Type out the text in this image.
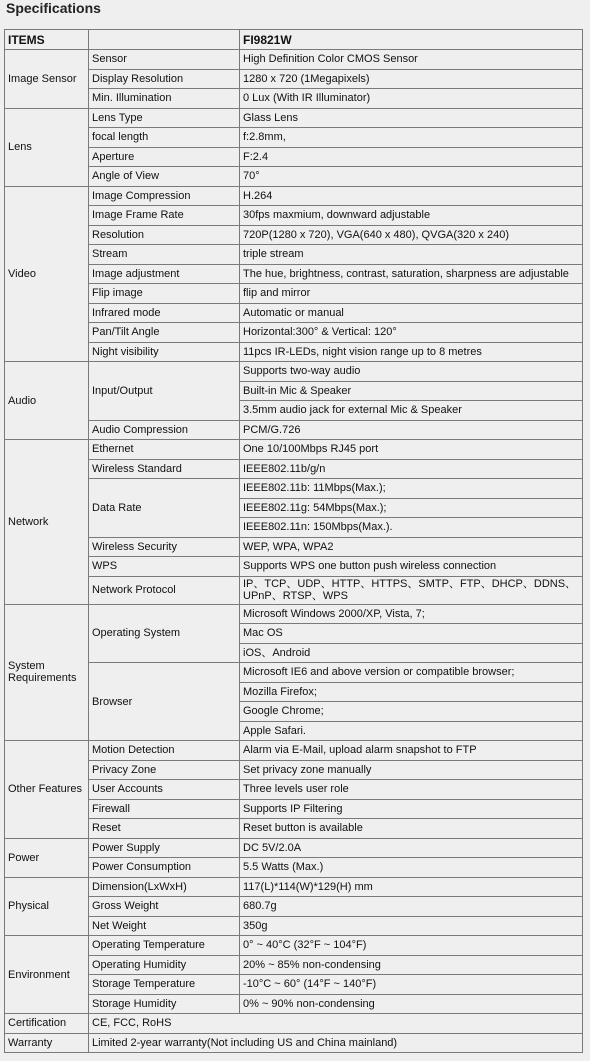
Specifications
ITEMS		FI9821W
Image Sensor	Sensor	High Definition Color CMOS Sensor
	Display Resolution	1280 x 720 (1Megapixels)
	Min. Illumination	0 Lux (With IR Illuminator)
Lens	Lens Type	Glass Lens
	focal length	f:2.8mm,
	Aperture	F:2.4
	Angle of View	70°
Video	Image Compression	H.264
	Image Frame Rate	30fps maxmium, downward adjustable
	Resolution	720P(1280 x 720), VGA(640 x 480), QVGA(320 x 240)
	Stream	triple stream
	Image adjustment	The hue, brightness, contrast, saturation, sharpness are adjustable
	Flip image	flip and mirror
	Infrared mode	Automatic or manual
	Pan/Tilt Angle	Horizontal:300° & Vertical: 120°
	Night visibility	11pcs IR-LEDs, night vision range up to 8 metres
Audio	Input/Output	Supports two-way audio
		Built-in Mic & Speaker
		3.5mm audio jack for external Mic & Speaker
	Audio Compression	PCM/G.726
Network	Ethernet	One 10/100Mbps RJ45 port
	Wireless Standard	IEEE802.11b/g/n
	Data Rate	IEEE802.11b: 11Mbps(Max.);
		IEEE802.11g: 54Mbps(Max.);
		IEEE802.11n: 150Mbps(Max.).
	Wireless Security	WEP, WPA, WPA2
	WPS	Supports WPS one button push wireless connection
	Network Protocol	IP、TCP、UDP、HTTP、HTTPS、SMTP、FTP、DHCP、DDNS、UPnP、RTSP、WPS
System Requirements	Operating System	Microsoft Windows 2000/XP, Vista, 7;
		Mac OS
		iOS、Android
	Browser	Microsoft IE6 and above version or compatible browser;
		Mozilla Firefox;
		Google Chrome;
		Apple Safari.
Other Features	Motion Detection	Alarm via E-Mail, upload alarm snapshot to FTP
	Privacy Zone	Set privacy zone manually
	User Accounts	Three levels user role
	Firewall	Supports IP Filtering
	Reset	Reset button is available
Power	Power Supply	DC 5V/2.0A
	Power Consumption	5.5 Watts (Max.)
Physical	Dimension(LxWxH)	117(L)*114(W)*129(H) mm
	Gross Weight	680.7g
	Net Weight	350g
Environment	Operating Temperature	0° ~ 40°C (32°F ~ 104°F)
	Operating Humidity	20% ~ 85% non-condensing
	Storage Temperature	-10°C ~ 60° (14°F ~ 140°F)
	Storage Humidity	0% ~ 90% non-condensing
Certification	CE, FCC, RoHS	
Warranty	Limited 2-year warranty(Not including US and China mainland)	
